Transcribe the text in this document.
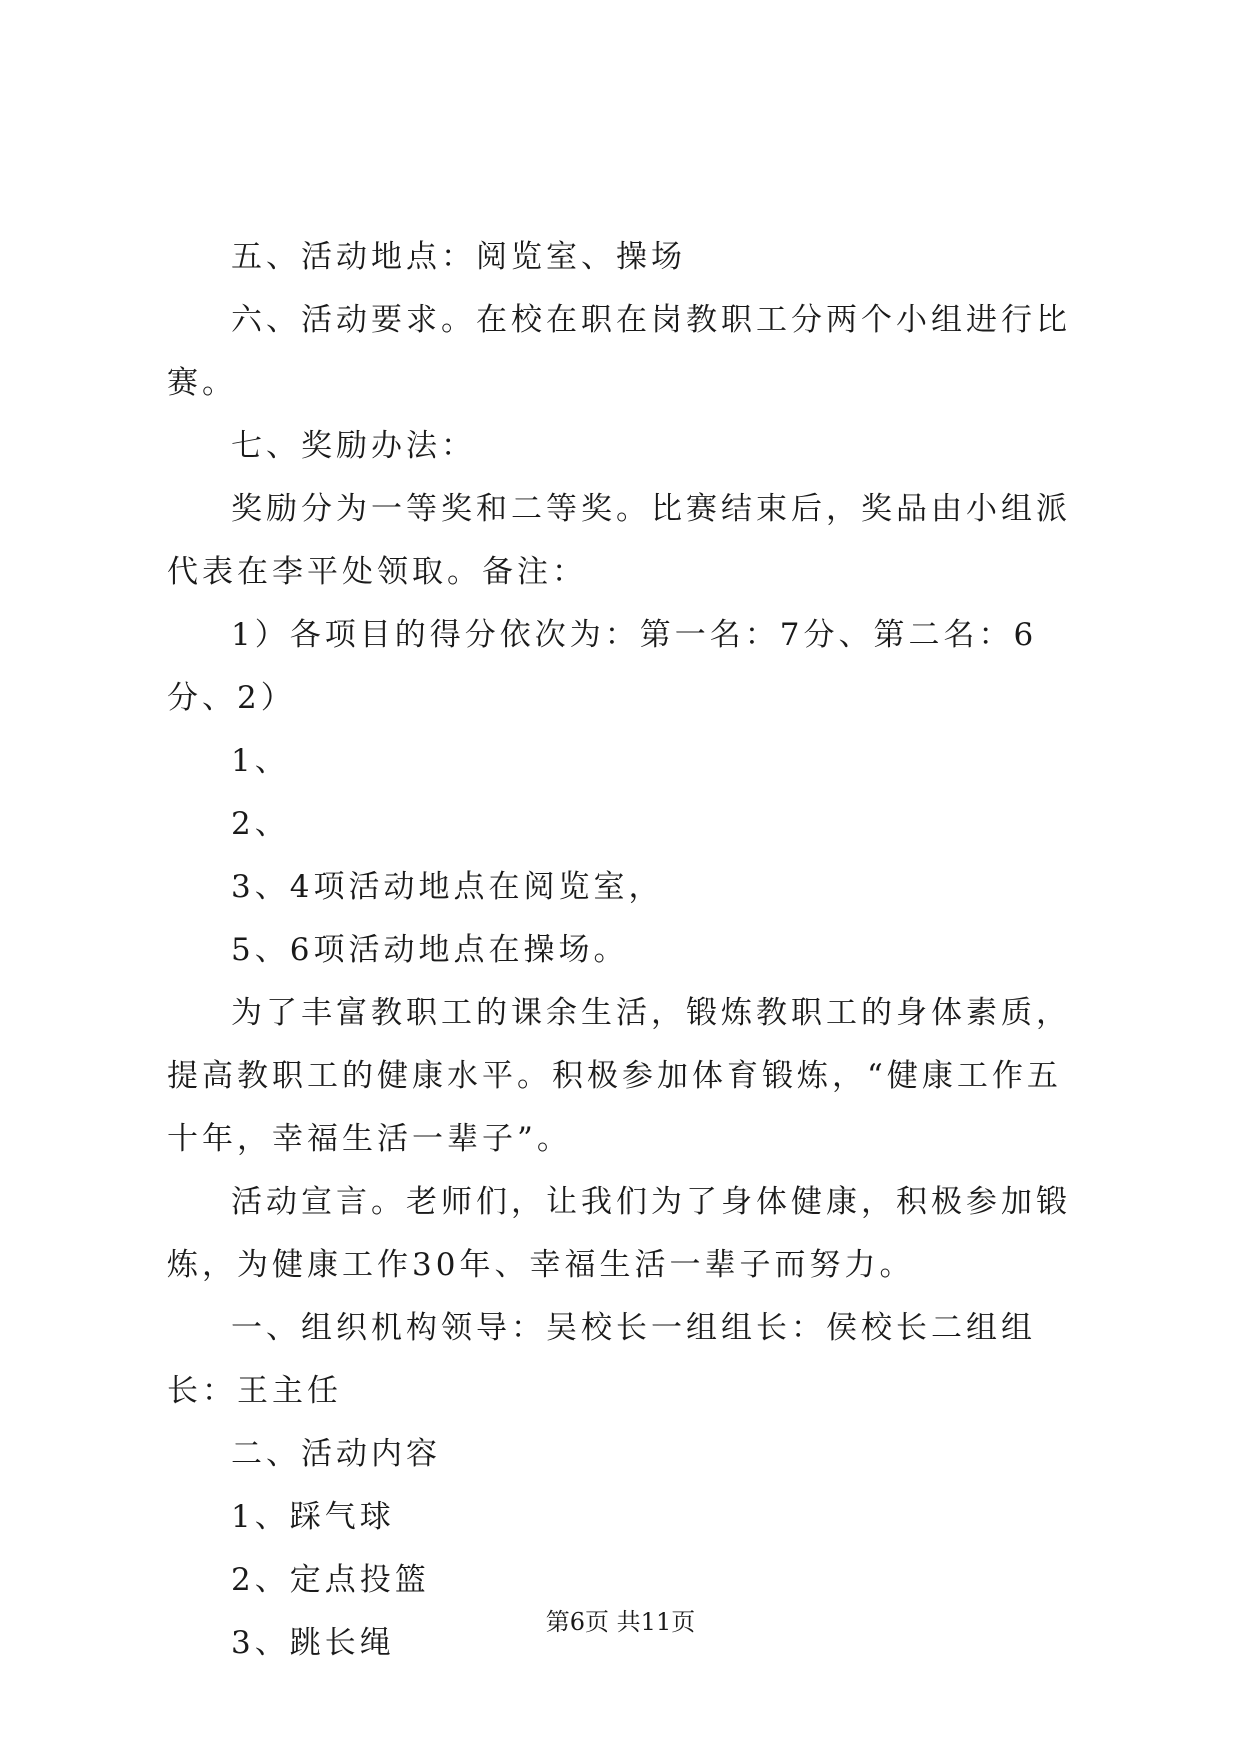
五、活动地点：阅览室、操场

六、活动要求。在校在职在岗教职工分两个小组进行比赛。

七、奖励办法：

奖励分为一等奖和二等奖。比赛结束后，奖品由小组派代表在李平处领取。备注：

1）各项目的得分依次为：第一名：7分、第二名：6分、2）

1、

2、

3、4项活动地点在阅览室，

5、6项活动地点在操场。

为了丰富教职工的课余生活，锻炼教职工的身体素质，提高教职工的健康水平。积极参加体育锻炼，“健康工作五十年，幸福生活一辈子”。

活动宣言。老师们，让我们为了身体健康，积极参加锻炼，为健康工作30年、幸福生活一辈子而努力。

一、组织机构领导：吴校长一组组长：侯校长二组组长：王主任

二、活动内容

1、踩气球

2、定点投篮

3、跳长绳

第6页 共11页
